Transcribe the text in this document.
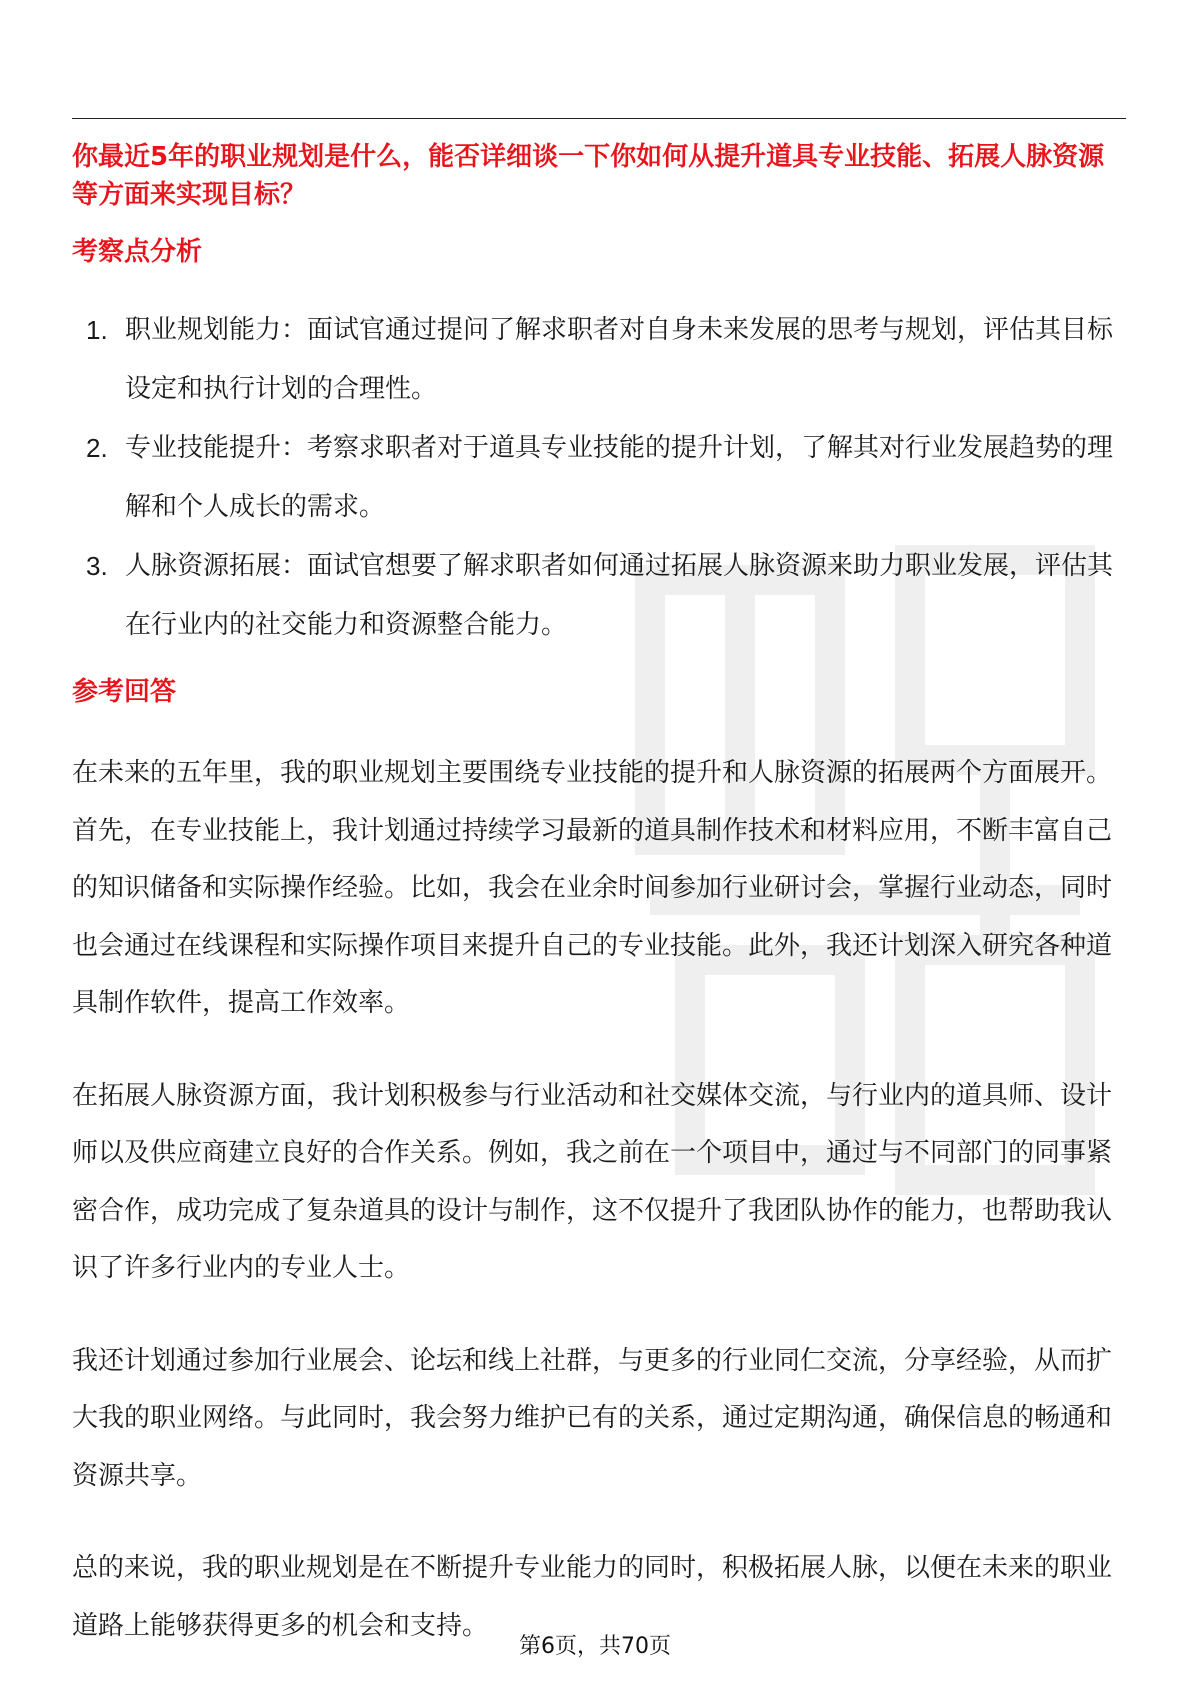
你最近5年的职业规划是什么，能否详细谈一下你如何从提升道具专业技能、拓展人脉资源等方面来实现目标？
考察点分析
1. 职业规划能力：面试官通过提问了解求职者对自身未来发展的思考与规划，评估其目标设定和执行计划的合理性。
2. 专业技能提升：考察求职者对于道具专业技能的提升计划，了解其对行业发展趋势的理解和个人成长的需求。
3. 人脉资源拓展：面试官想要了解求职者如何通过拓展人脉资源来助力职业发展，评估其在行业内的社交能力和资源整合能力。
参考回答

在未来的五年里，我的职业规划主要围绕专业技能的提升和人脉资源的拓展两个方面展开。首先，在专业技能上，我计划通过持续学习最新的道具制作技术和材料应用，不断丰富自己的知识储备和实际操作经验。比如，我会在业余时间参加行业研讨会，掌握行业动态，同时也会通过在线课程和实际操作项目来提升自己的专业技能。此外，我还计划深入研究各种道具制作软件，提高工作效率。

在拓展人脉资源方面，我计划积极参与行业活动和社交媒体交流，与行业内的道具师、设计师以及供应商建立良好的合作关系。例如，我之前在一个项目中，通过与不同部门的同事紧密合作，成功完成了复杂道具的设计与制作，这不仅提升了我团队协作的能力，也帮助我认识了许多行业内的专业人士。

我还计划通过参加行业展会、论坛和线上社群，与更多的行业同仁交流，分享经验，从而扩大我的职业网络。与此同时，我会努力维护已有的关系，通过定期沟通，确保信息的畅通和资源共享。

总的来说，我的职业规划是在不断提升专业能力的同时，积极拓展人脉，以便在未来的职业道路上能够获得更多的机会和支持。

第6页，共70页
